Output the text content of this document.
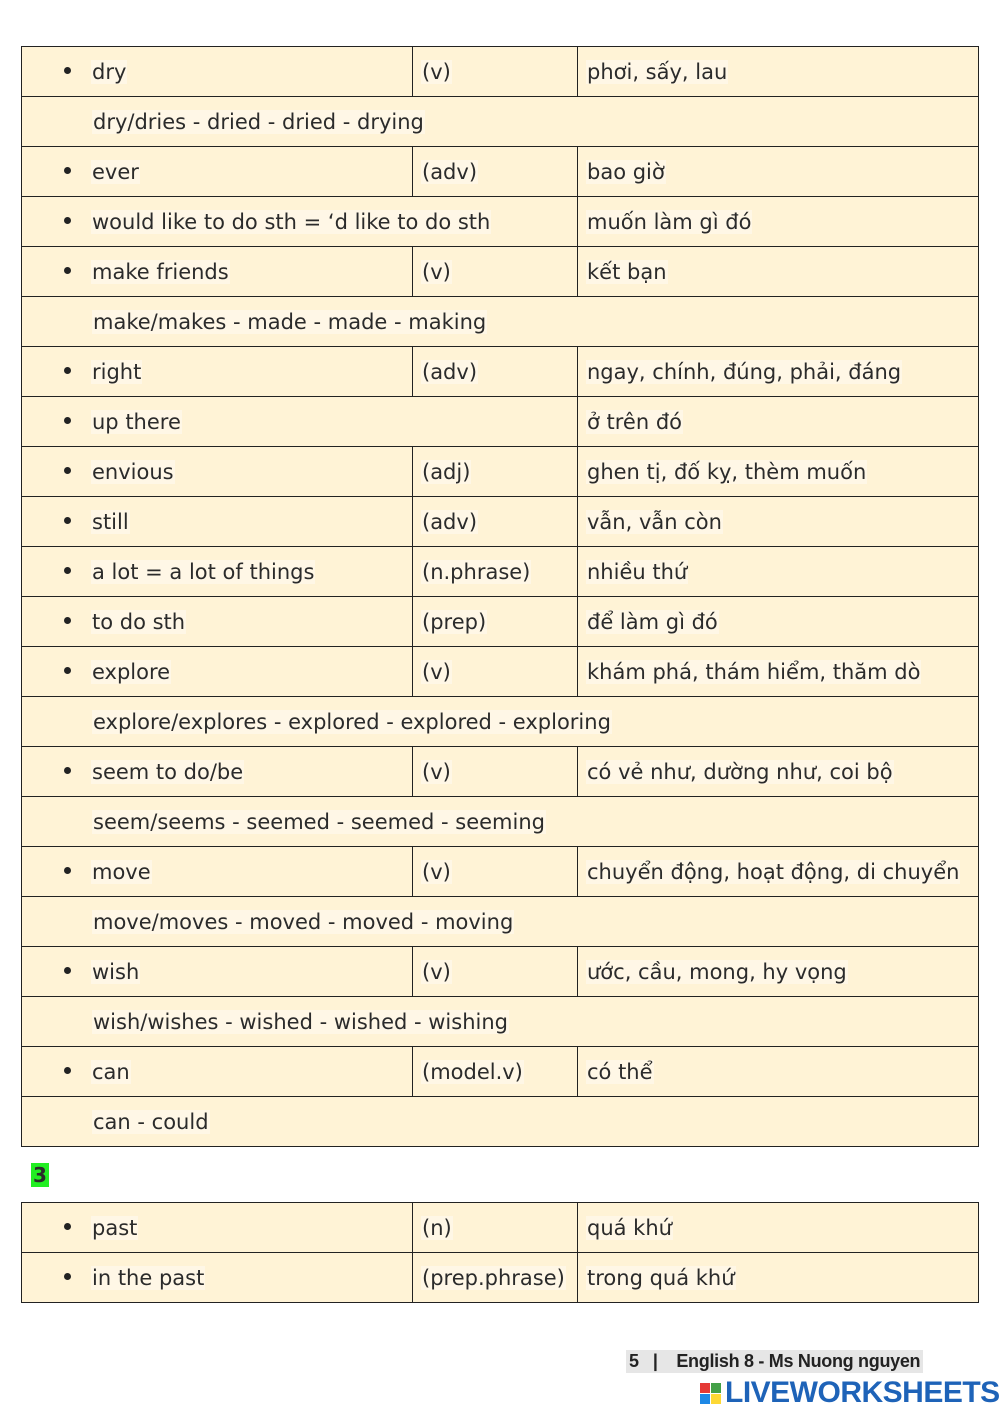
dry	(v)	phơi, sấy, lau
dry/dries - dried - dried - drying		
ever	(adv)	bao giờ
would like to do sth = ‘d like to do sth		muốn làm gì đó
make friends	(v)	kết bạn
make/makes - made - made - making		
right	(adv)	ngay, chính, đúng, phải, đáng
up there		ở trên đó
envious	(adj)	ghen tị, đố kỵ, thèm muốn
still	(adv)	vẫn, vẫn còn
a lot = a lot of things	(n.phrase)	nhiều thứ
to do sth	(prep)	để làm gì đó
explore	(v)	khám phá, thám hiểm, thăm dò
explore/explores - explored - explored - exploring		
seem to do/be	(v)	có vẻ như, dường như, coi bộ
seem/seems - seemed - seemed - seeming		
move	(v)	chuyển động, hoạt động, di chuyển
move/moves - moved - moved - moving		
wish	(v)	ước, cầu, mong, hy vọng
wish/wishes - wished - wished - wishing		
can	(model.v)	có thể
can - could		
3
past	(n)	quá khứ
in the past	(prep.phrase)	trong quá khứ
5   |    English 8 - Ms Nuong nguyen
LIVEWORKSHEETS
